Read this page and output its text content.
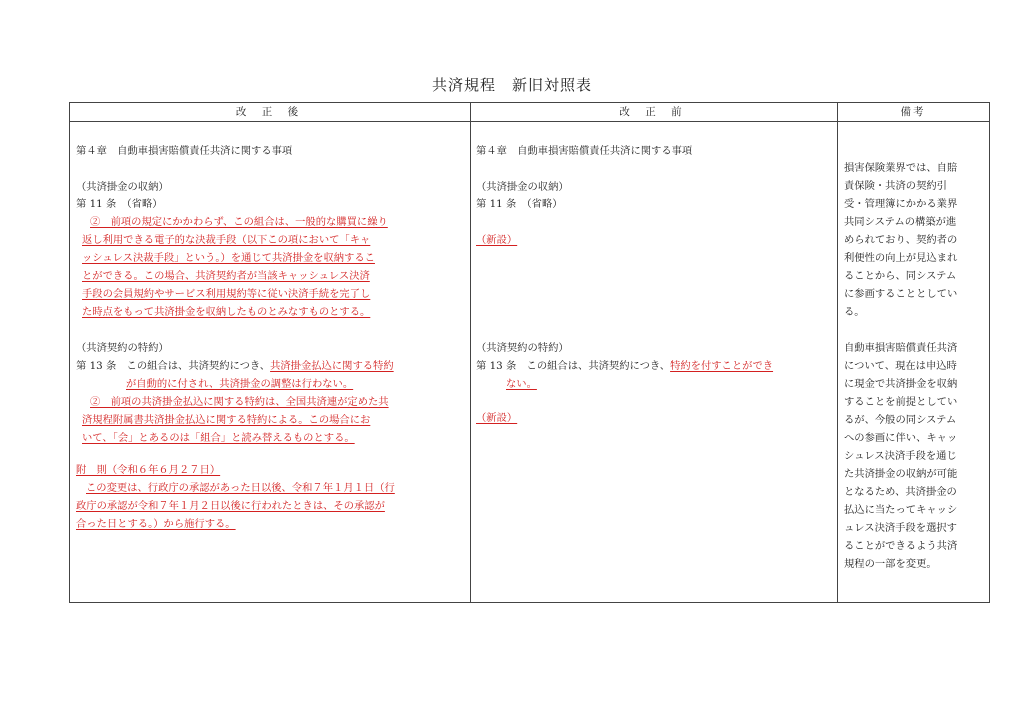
共済規程　新旧対照表
改 正 後	改 正 前	備考
第４章　自動車損害賠償責任共済に関する事項
（共済掛金の収納）
第 11 条　（省略）
②　前項の規定にかかわらず、この組合は、一般的な購買に繰り
返し利用できる電子的な決裁手段（以下この項において「キャ
ッシュレス決裁手段」という。）を通じて共済掛金を収納するこ
とができる。この場合、共済契約者が当該キャッシュレス決済
手段の会員規約やサービス利用規約等に従い決済手続を完了し
た時点をもって共済掛金を収納したものとみなすものとする。
（共済契約の特約）
第 13 条　この組合は、共済契約につき、共済掛金払込に関する特約
が自動的に付され、共済掛金の調整は行わない。
②　前項の共済掛金払込に関する特約は、全国共済連が定めた共
済規程附属書共済掛金払込に関する特約による。この場合にお
いて、「会」とあるのは「組合」と読み替えるものとする。
附　則（令和６年６月２７日）
この変更は、行政庁の承認があった日以後、令和７年１月１日（行
政庁の承認が令和７年１月２日以後に行われたときは、その承認が
合った日とする。）から施行する。
第４章　自動車損害賠償責任共済に関する事項
（共済掛金の収納）
第 11 条　（省略）
（新設）
（共済契約の特約）
第 13 条　この組合は、共済契約につき、特約を付すことができ
ない。
（新設）
損害保険業界では、自賠
責保険・共済の契約引
受・管理簿にかかる業界
共同システムの構築が進
められており、契約者の
利便性の向上が見込まれ
ることから、同システム
に参画することとしてい
る。
自動車損害賠償責任共済
について、現在は申込時
に現金で共済掛金を収納
することを前提としてい
るが、今般の同システム
への参画に伴い、キャッ
シュレス決済手段を通じ
た共済掛金の収納が可能
となるため、共済掛金の
払込に当たってキャッシ
ュレス決済手段を選択す
ることができるよう共済
規程の一部を変更。
